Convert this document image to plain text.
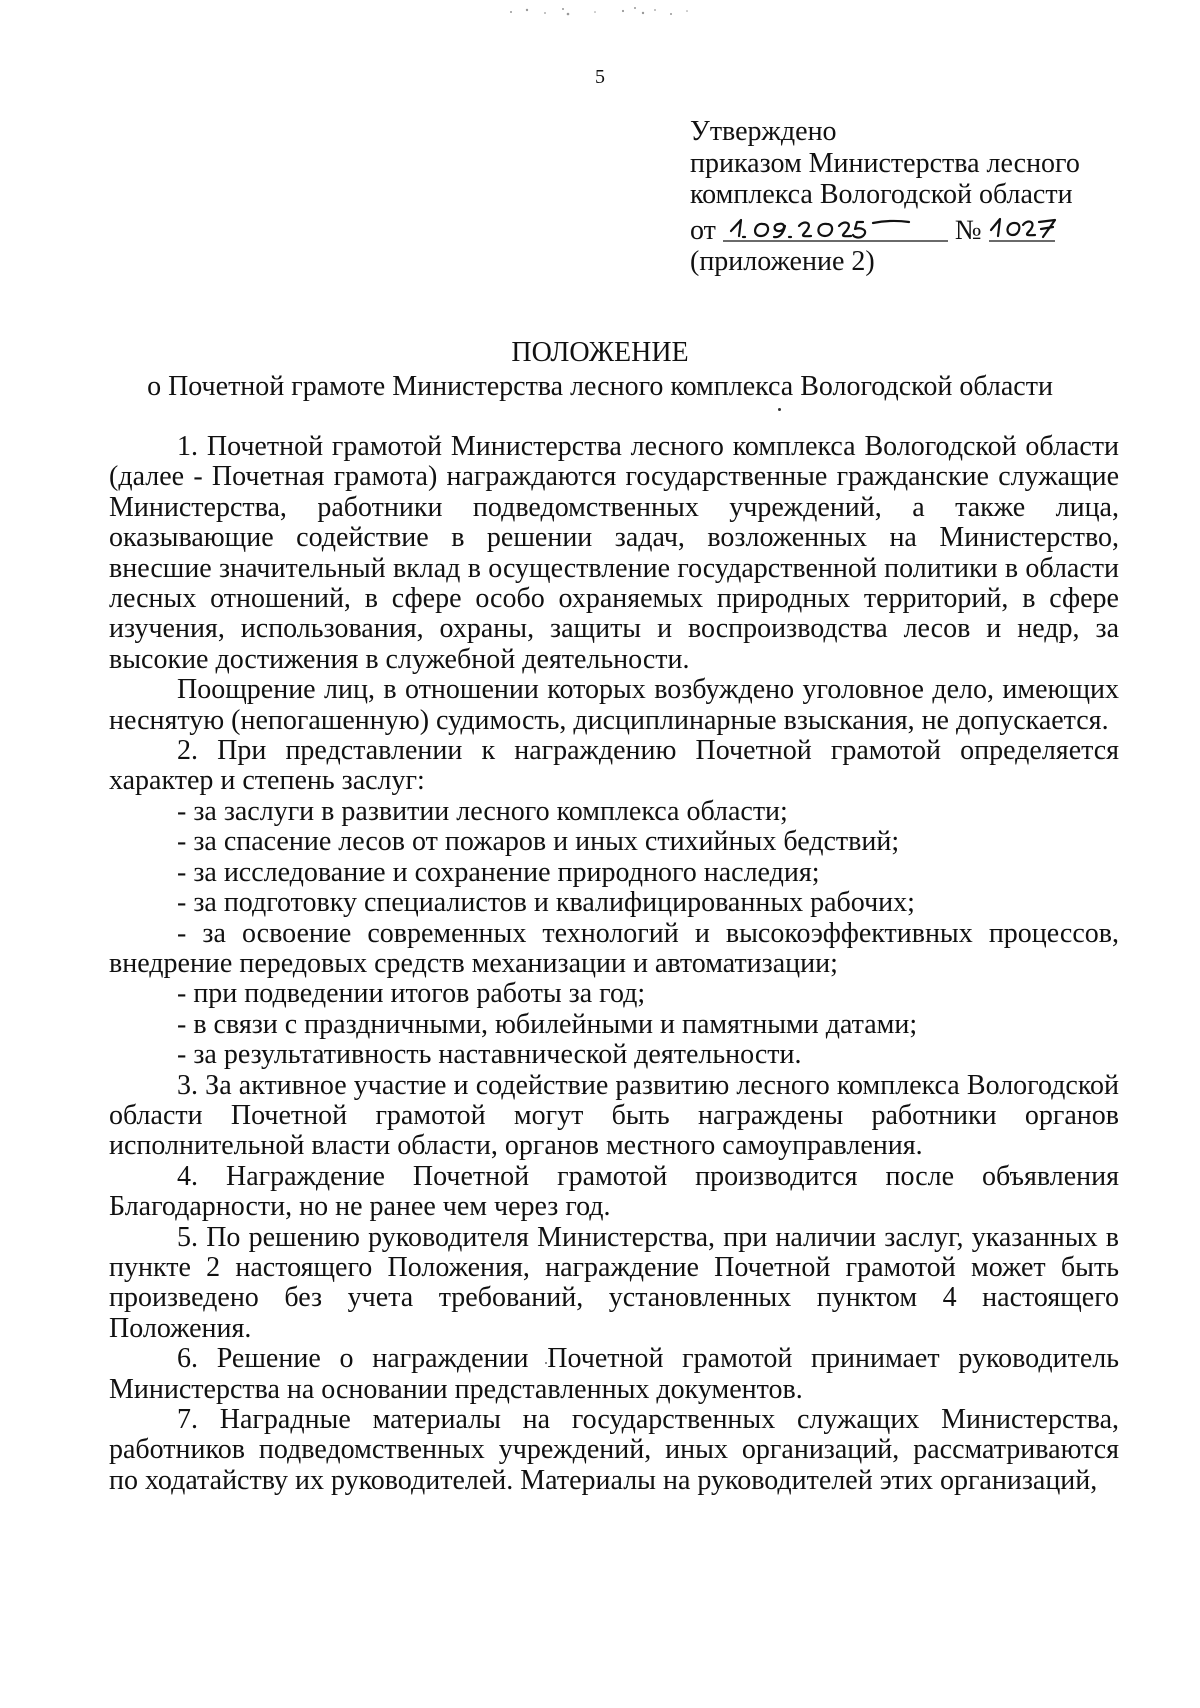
5
Утверждено
приказом Министерства лесного
комплекса Вологодской области
от	№
(приложение 2)
ПОЛОЖЕНИЕ
о Почетной грамоте Министерства лесного комплекса Вологодской области

1. Почетной грамотой Министерства лесного комплекса Вологодской области (далее - Почетная грамота) награждаются государственные гражданские служащие Министерства, работники подведомственных учреждений, а также лица, оказывающие содействие в решении задач, возложенных на Министерство, внесшие значительный вклад в осуществление государственной политики в области лесных отношений, в сфере особо охраняемых природных территорий, в сфере изучения, использования, охраны, защиты и воспроизводства лесов и недр, за высокие достижения в служебной деятельности.

Поощрение лиц, в отношении которых возбуждено уголовное дело, имеющих неснятую (непогашенную) судимость, дисциплинарные взыскания, не допускается.

2. При представлении к награждению Почетной грамотой определяется характер и степень заслуг:

- за заслуги в развитии лесного комплекса области;

- за спасение лесов от пожаров и иных стихийных бедствий;

- за исследование и сохранение природного наследия;

- за подготовку специалистов и квалифицированных рабочих;

- за освоение современных технологий и высокоэффективных процессов, внедрение передовых средств механизации и автоматизации;

- при подведении итогов работы за год;

- в связи с праздничными, юбилейными и памятными датами;

- за результативность наставнической деятельности.

3. За активное участие и содействие развитию лесного комплекса Вологодской области Почетной грамотой могут быть награждены работники органов исполнительной власти области, органов местного самоуправления.

4. Награждение Почетной грамотой производится после объявления Благодарности, но не ранее чем через год.

5. По решению руководителя Министерства, при наличии заслуг, указанных в пункте 2 настоящего Положения, награждение Почетной грамотой может быть произведено без учета требований, установленных пунктом 4 настоящего Положения.

6. Решение о награждении Почетной грамотой принимает руководитель Министерства на основании представленных документов.

7. Наградные материалы на государственных служащих Министерства, работников подведомственных учреждений, иных организаций, рассматриваются по ходатайству их руководителей. Материалы на руководителей этих организаций,
